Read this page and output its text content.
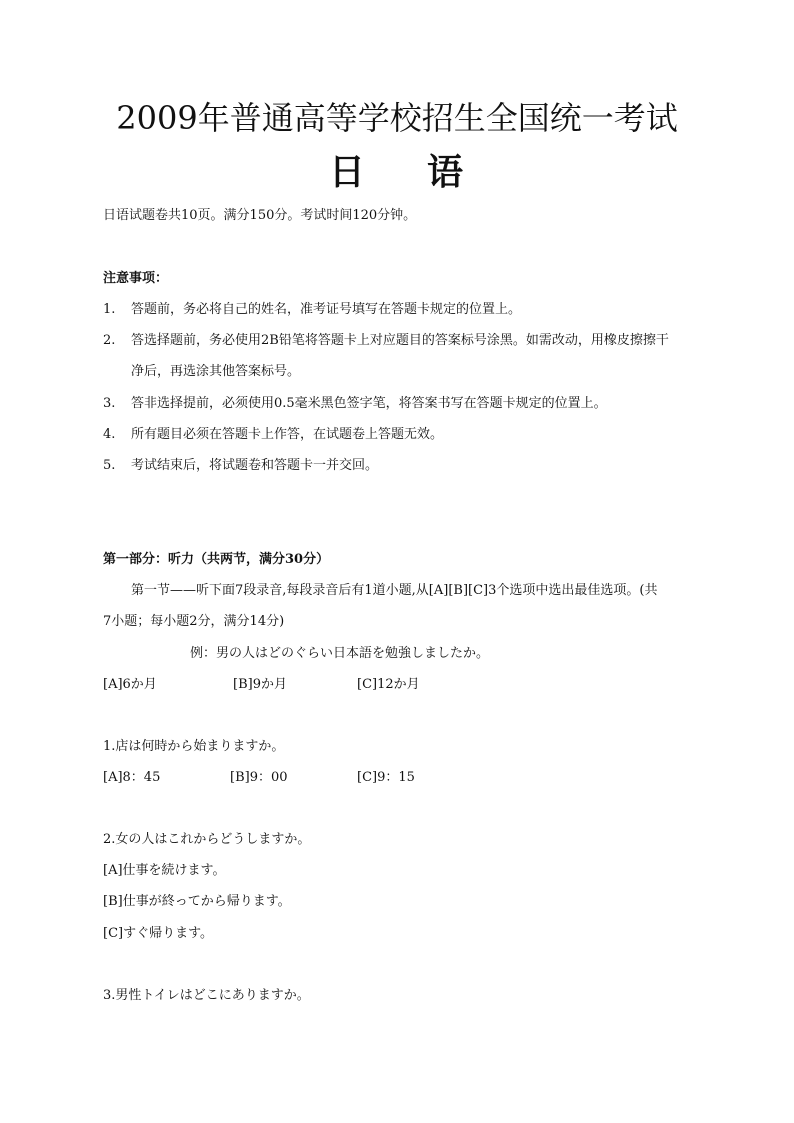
2009年普通高等学校招生全国统一考试
日 语
日语试题卷共10页。满分150分。考试时间120分钟。
注意事项：
1. 答题前，务必将自己的姓名，准考证号填写在答题卡规定的位置上。
2. 答选择题前，务必使用2B铅笔将答题卡上对应题目的答案标号涂黑。如需改动，用橡皮擦擦干
净后，再选涂其他答案标号。
3. 答非选择提前，必须使用0.5毫米黑色签字笔，将答案书写在答题卡规定的位置上。
4. 所有题目必须在答题卡上作答，在试题卷上答题无效。
5. 考试结束后，将试题卷和答题卡一并交回。
第一部分：听力（共两节，满分30分）
第一节——听下面7段录音,每段录音后有1道小题,从[A][B][C]3个选项中选出最佳选项。(共
7小题；每小题2分，满分14分)
例：男の人はどのぐらい日本語を勉強しましたか。
[A]6か月	[B]9か月	[C]12か月
1.店は何時から始まりますか。
[A]8：45	[B]9：00	[C]9：15
2.女の人はこれからどうしますか。
[A]仕事を続けます。
[B]仕事が終ってから帰ります。
[C]すぐ帰ります。
3.男性トイレはどこにありますか。
